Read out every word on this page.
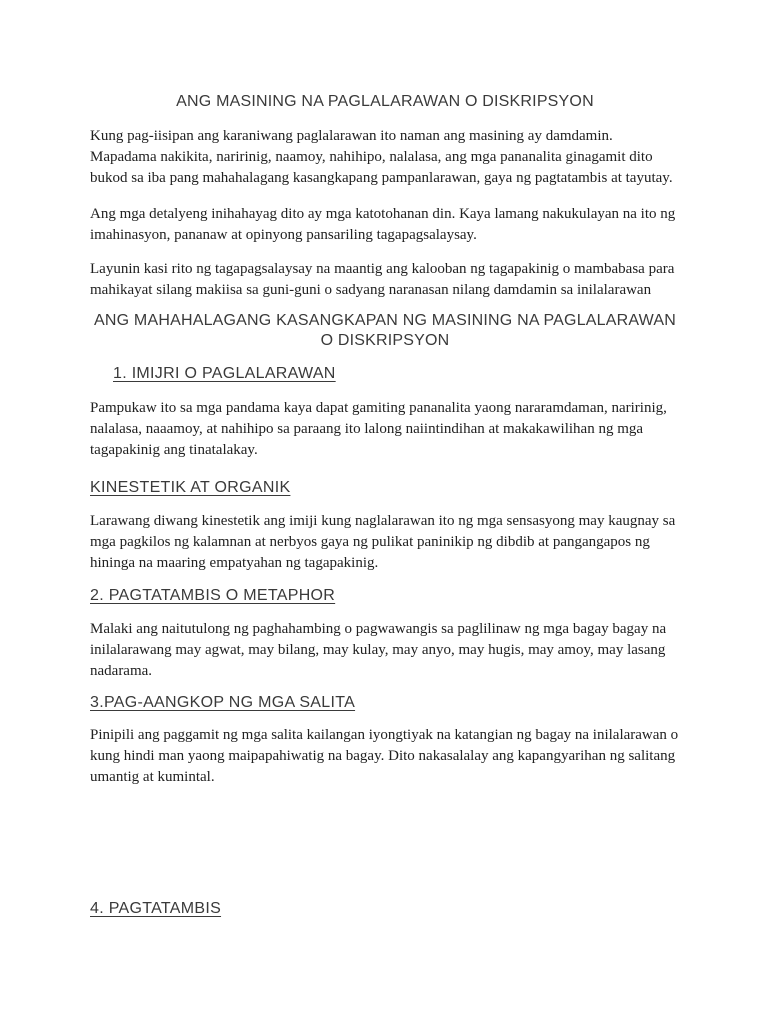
ANG MASINING NA PAGLALARAWAN O DISKRIPSYON

Kung pag-iisipan ang karaniwang paglalarawan ito naman ang masining ay damdamin. Mapadama nakikita, naririnig, naamoy, nahihipo, nalalasa, ang mga pananalita ginagamit dito bukod sa iba pang mahahalagang kasangkapang pampanlarawan, gaya ng pagtatambis at tayutay.

Ang mga detalyeng inihahayag dito ay mga katotohanan din. Kaya lamang nakukulayan na ito ng imahinasyon, pananaw at opinyong pansariling tagapagsalaysay.

Layunin kasi rito ng tagapagsalaysay na maantig ang kalooban ng tagapakinig o mambabasa para mahikayat silang makiisa sa guni-guni o sadyang naranasan nilang damdamin sa inilalarawan

ANG MAHAHALAGANG KASANGKAPAN NG MASINING NA PAGLALARAWAN O DISKRIPSYON
1. IMIJRI O PAGLALARAWAN

Pampukaw ito sa mga pandama kaya dapat gamiting pananalita yaong nararamdaman, naririnig, nalalasa, naaamoy, at nahihipo sa paraang ito lalong naiintindihan at makakawilihan ng mga tagapakinig ang tinatalakay.

KINESTETIK AT ORGANIK

Larawang diwang kinestetik ang imiji kung naglalarawan ito ng mga sensasyong may kaugnay sa mga pagkilos ng kalamnan at nerbyos gaya ng pulikat paninikip ng dibdib at pangangapos ng hininga na maaring empatyahan ng tagapakinig.

2. PAGTATAMBIS O METAPHOR

Malaki ang naitutulong ng paghahambing o pagwawangis sa paglilinaw ng mga bagay bagay na inilalarawang may agwat, may bilang, may kulay, may anyo, may hugis, may amoy, may lasang nadarama.

3.PAG-AANGKOP NG MGA SALITA

Pinipili ang paggamit ng mga salita kailangan iyongtiyak na katangian ng bagay na inilalarawan o kung hindi man yaong maipapahiwatig na bagay. Dito nakasalalay ang kapangyarihan ng salitang umantig at kumintal.

4. PAGTATAMBIS
